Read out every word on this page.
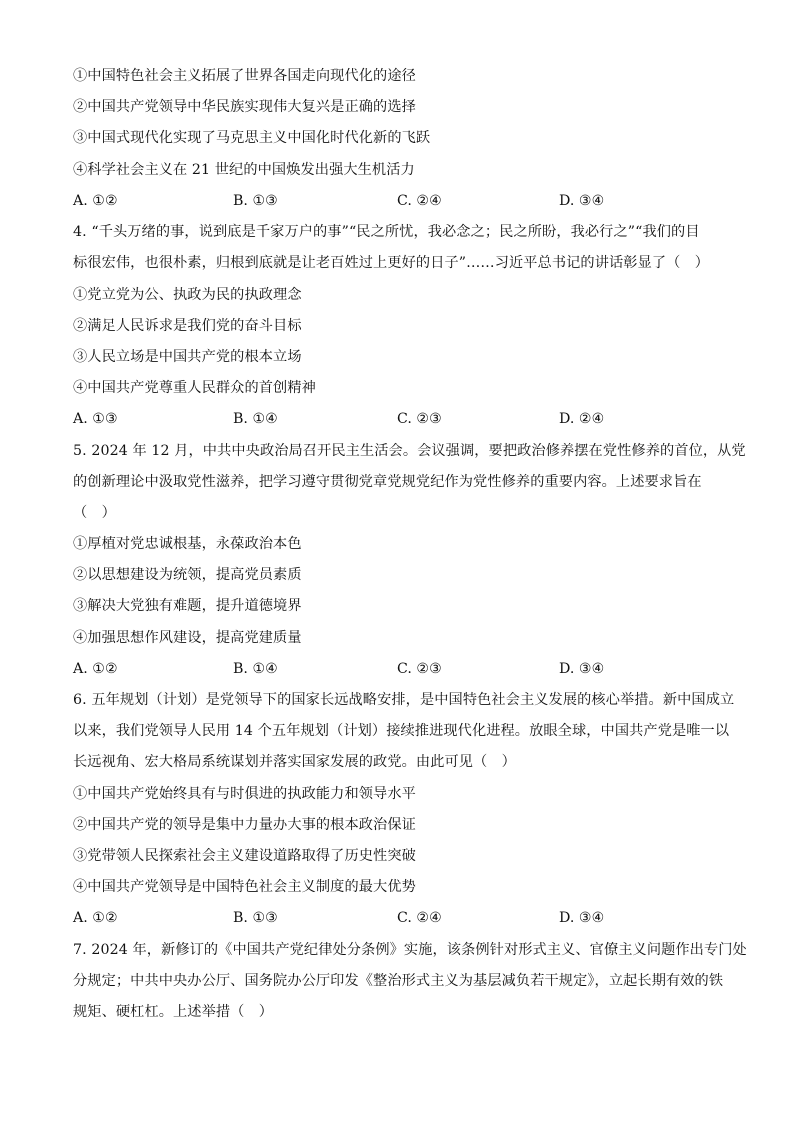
①中国特色社会主义拓展了世界各国走向现代化的途径
②中国共产党领导中华民族实现伟大复兴是正确的选择
③中国式现代化实现了马克思主义中国化时代化新的飞跃
④科学社会主义在 21 世纪的中国焕发出强大生机活力
A. ①②	B. ①③	C. ②④	D. ③④
4. “千头万绪的事，说到底是千家万户的事”“民之所忧，我必念之；民之所盼，我必行之”“我们的目
标很宏伟，也很朴素，归根到底就是让老百姓过上更好的日子”……习近平总书记的讲话彰显了（　）
①党立党为公、执政为民的执政理念
②满足人民诉求是我们党的奋斗目标
③人民立场是中国共产党的根本立场
④中国共产党尊重人民群众的首创精神
A. ①③	B. ①④	C. ②③	D. ②④
5. 2024 年 12 月，中共中央政治局召开民主生活会。会议强调，要把政治修养摆在党性修养的首位，从党
的创新理论中汲取党性滋养，把学习遵守贯彻党章党规党纪作为党性修养的重要内容。上述要求旨在
（　）
①厚植对党忠诚根基，永葆政治本色
②以思想建设为统领，提高党员素质
③解决大党独有难题，提升道德境界
④加强思想作风建设，提高党建质量
A. ①②	B. ①④	C. ②③	D. ③④
6. 五年规划（计划）是党领导下的国家长远战略安排，是中国特色社会主义发展的核心举措。新中国成立
以来，我们党领导人民用 14 个五年规划（计划）接续推进现代化进程。放眼全球，中国共产党是唯一以
长远视角、宏大格局系统谋划并落实国家发展的政党。由此可见（　）
①中国共产党始终具有与时俱进的执政能力和领导水平
②中国共产党的领导是集中力量办大事的根本政治保证
③党带领人民探索社会主义建设道路取得了历史性突破
④中国共产党领导是中国特色社会主义制度的最大优势
A. ①②	B. ①③	C. ②④	D. ③④
7. 2024 年，新修订的《中国共产党纪律处分条例》实施，该条例针对形式主义、官僚主义问题作出专门处
分规定；中共中央办公厅、国务院办公厅印发《整治形式主义为基层减负若干规定》，立起长期有效的铁
规矩、硬杠杠。上述举措（　）
